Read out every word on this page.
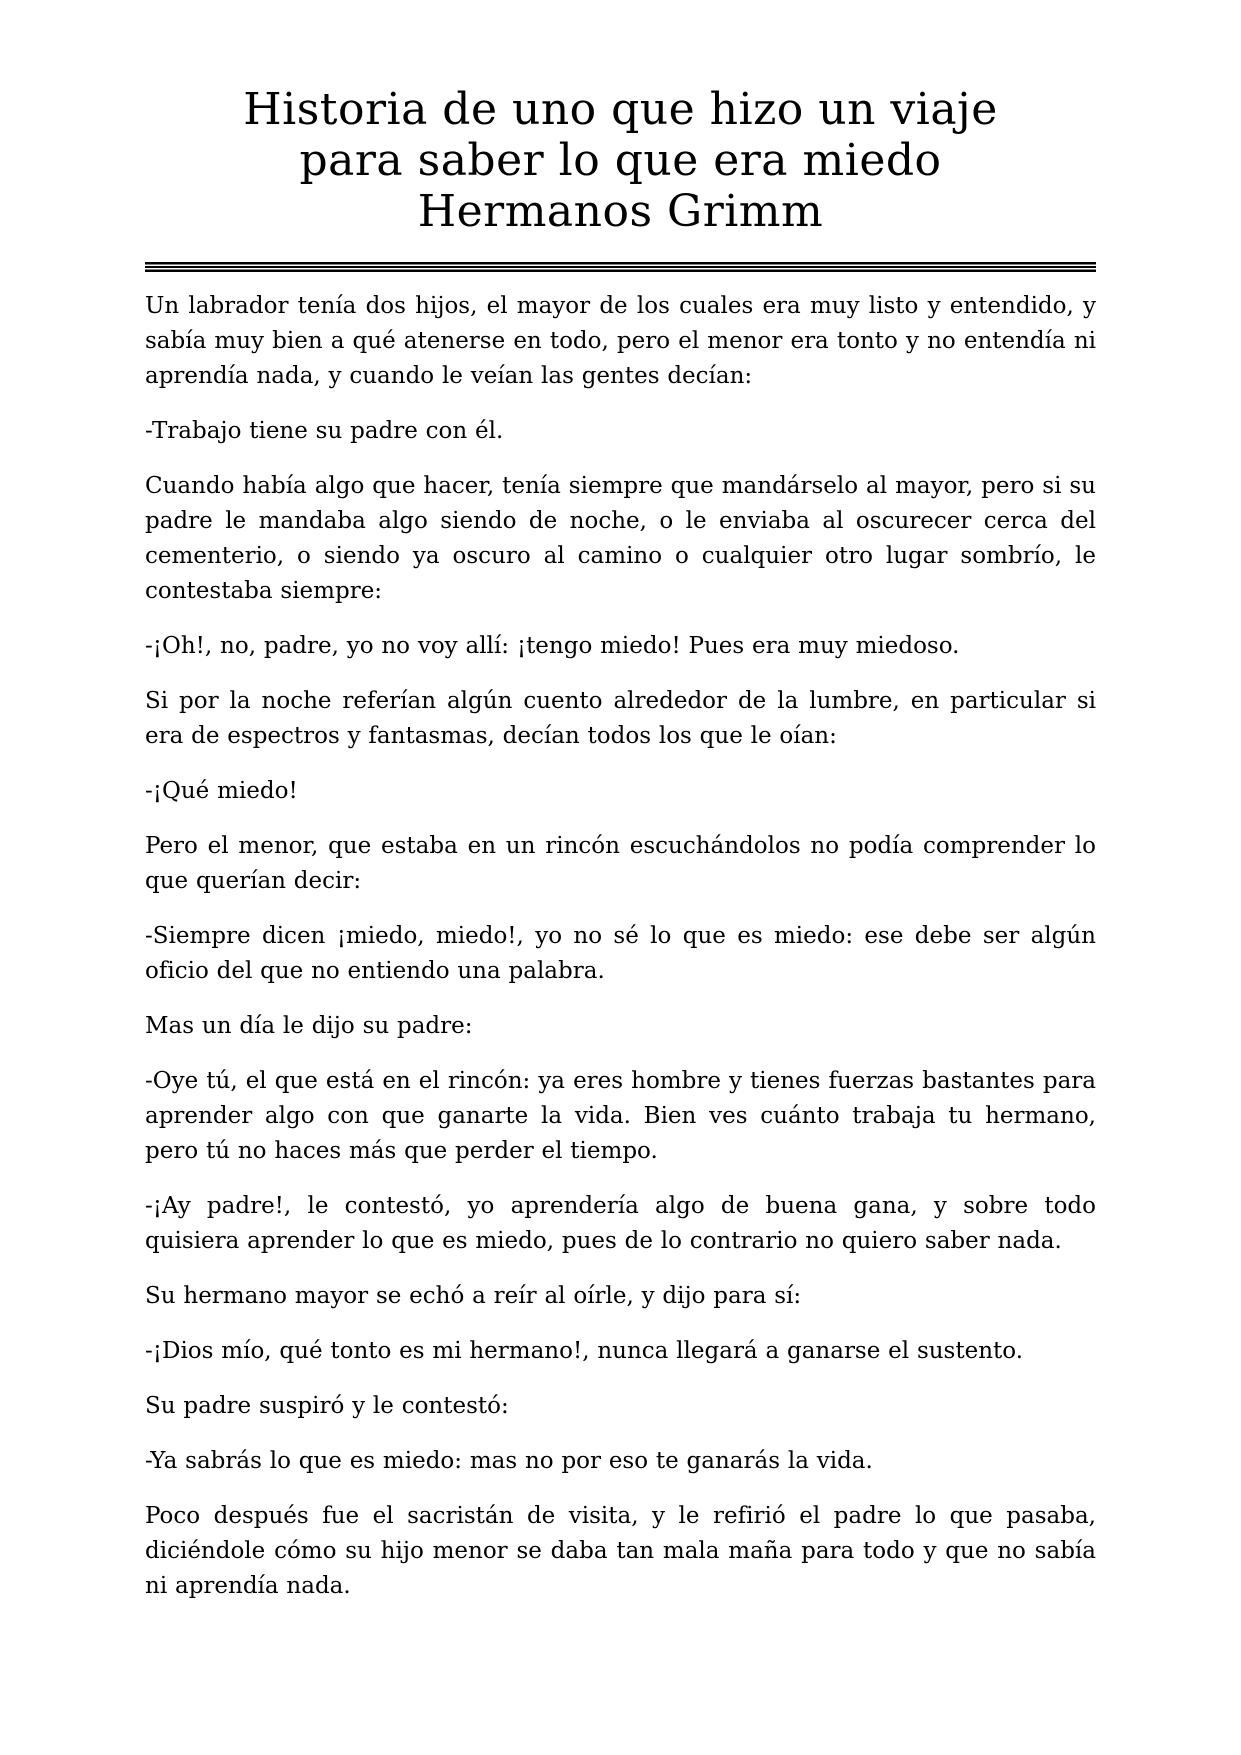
Historia de uno que hizo un viaje
para saber lo que era miedo
Hermanos Grimm

Un labrador tenía dos hijos, el mayor de los cuales era muy listo y entendido, y sabía muy bien a qué atenerse en todo, pero el menor era tonto y no entendía ni aprendía nada, y cuando le veían las gentes decían:

-Trabajo tiene su padre con él.

Cuando había algo que hacer, tenía siempre que mandárselo al mayor, pero si su padre le mandaba algo siendo de noche, o le enviaba al oscurecer cerca del cementerio, o siendo ya oscuro al camino o cualquier otro lugar sombrío, le contestaba siempre:

-¡Oh!, no, padre, yo no voy allí: ¡tengo miedo! Pues era muy miedoso.

Si por la noche referían algún cuento alrededor de la lumbre, en particular si era de espectros y fantasmas, decían todos los que le oían:

-¡Qué miedo!

Pero el menor, que estaba en un rincón escuchándolos no podía comprender lo que querían decir:

-Siempre dicen ¡miedo, miedo!, yo no sé lo que es miedo: ese debe ser algún oficio del que no entiendo una palabra.

Mas un día le dijo su padre:

-Oye tú, el que está en el rincón: ya eres hombre y tienes fuerzas bastantes para aprender algo con que ganarte la vida. Bien ves cuánto trabaja tu hermano, pero tú no haces más que perder el tiempo.

-¡Ay padre!, le contestó, yo aprendería algo de buena gana, y sobre todo quisiera aprender lo que es miedo, pues de lo contrario no quiero saber nada.

Su hermano mayor se echó a reír al oírle, y dijo para sí:

-¡Dios mío, qué tonto es mi hermano!, nunca llegará a ganarse el sustento.

Su padre suspiró y le contestó:

-Ya sabrás lo que es miedo: mas no por eso te ganarás la vida.

Poco después fue el sacristán de visita, y le refirió el padre lo que pasaba, diciéndole cómo su hijo menor se daba tan mala maña para todo y que no sabía ni aprendía nada.
